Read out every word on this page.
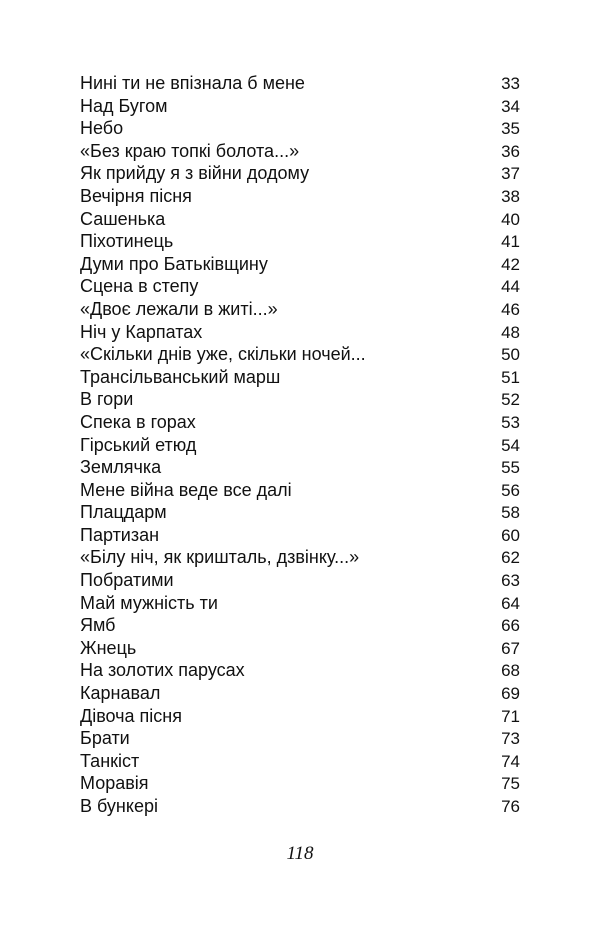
Нині ти не впізнала б мене	33
Над Бугом	34
Небо	35
«Без краю топкі болота...»	36
Як прийду я з війни додому	37
Вечірня пісня	38
Сашенька	40
Піхотинець	41
Думи про Батьківщину	42
Сцена в степу	44
«Двоє лежали в житі...»	46
Ніч у Карпатах	48
«Скільки днів уже, скільки ночей...	50
Трансільванський марш	51
В гори	52
Спека в горах	53
Гірський етюд	54
Землячка	55
Мене війна веде все далі	56
Плацдарм	58
Партизан	60
«Білу ніч, як кришталь, дзвінку...»	62
Побратими	63
Май мужність ти	64
Ямб	66
Жнець	67
На золотих парусах	68
Карнавал	69
Дівоча пісня	71
Брати	73
Танкіст	74
Моравія	75
В бункері	76
118
